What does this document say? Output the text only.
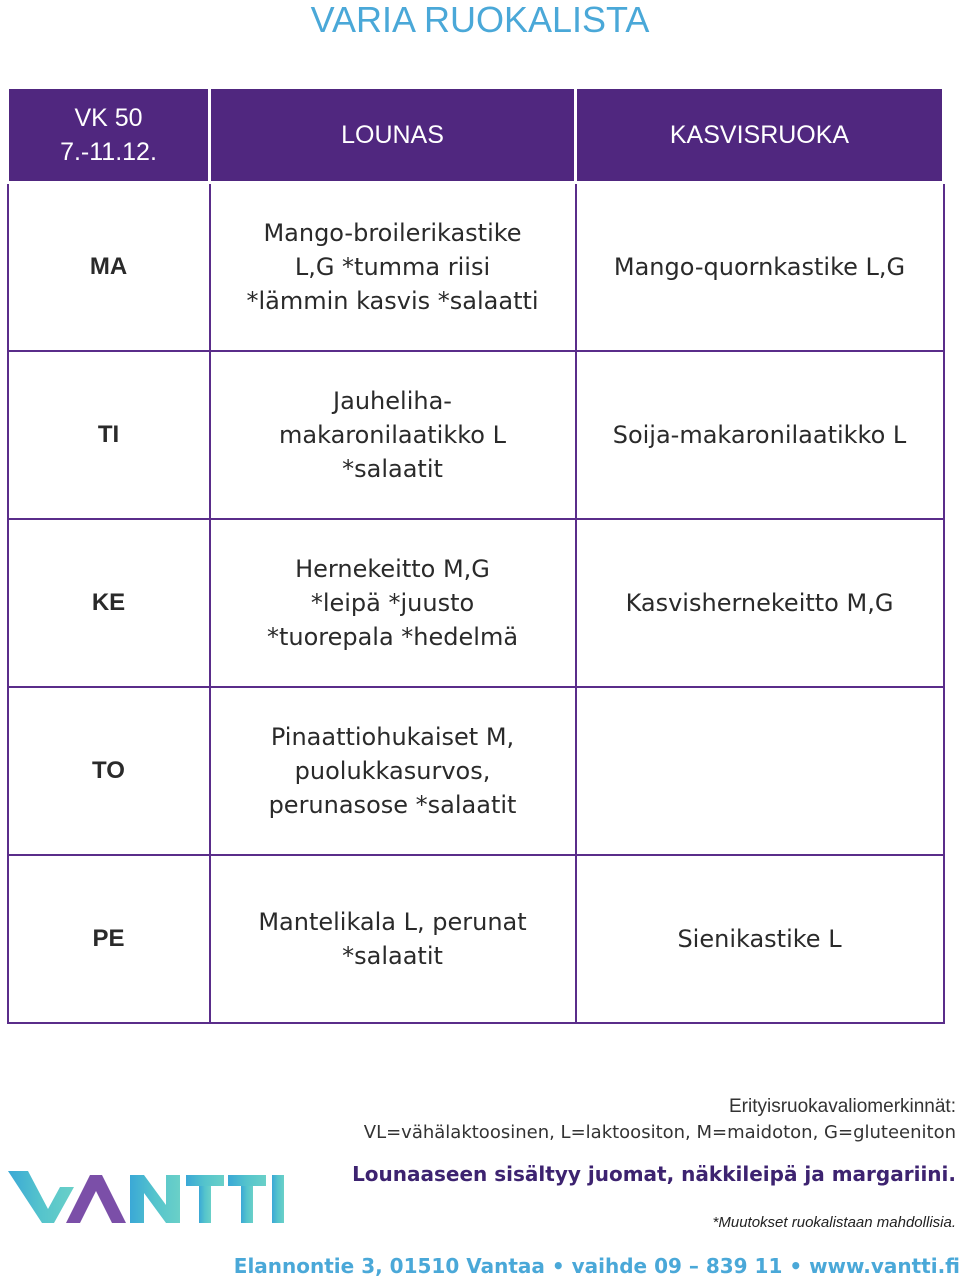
VARIA RUOKALISTA
VK 50
7.-11.12.	LOUNAS	KASVISRUOKA
MA	Mango-broilerikastike
L,G *tumma riisi
*lämmin kasvis *salaatti	Mango-quornkastike L,G

TI	Jauheliha-
makaronilaatikko L
*salaatit	Soija-makaronilaatikko L

KE	Hernekeitto M,G
*leipä *juusto
*tuorepala *hedelmä	Kasvishernekeitto M,G

TO	Pinaattiohukaiset M,
puolukkasurvos,
perunasose *salaatit	

PE	Mantelikala L, perunat
*salaatit	Sienikastike L
Erityisruokavaliomerkinnät:
VL=vähälaktoosinen, L=laktoositon, M=maidoton, G=gluteeniton
Lounaaseen sisältyy juomat, näkkileipä ja margariini.
*Muutokset ruokalistaan mahdollisia.
Elannontie 3, 01510 Vantaa • vaihde 09 – 839 11 • www.vantti.fi
